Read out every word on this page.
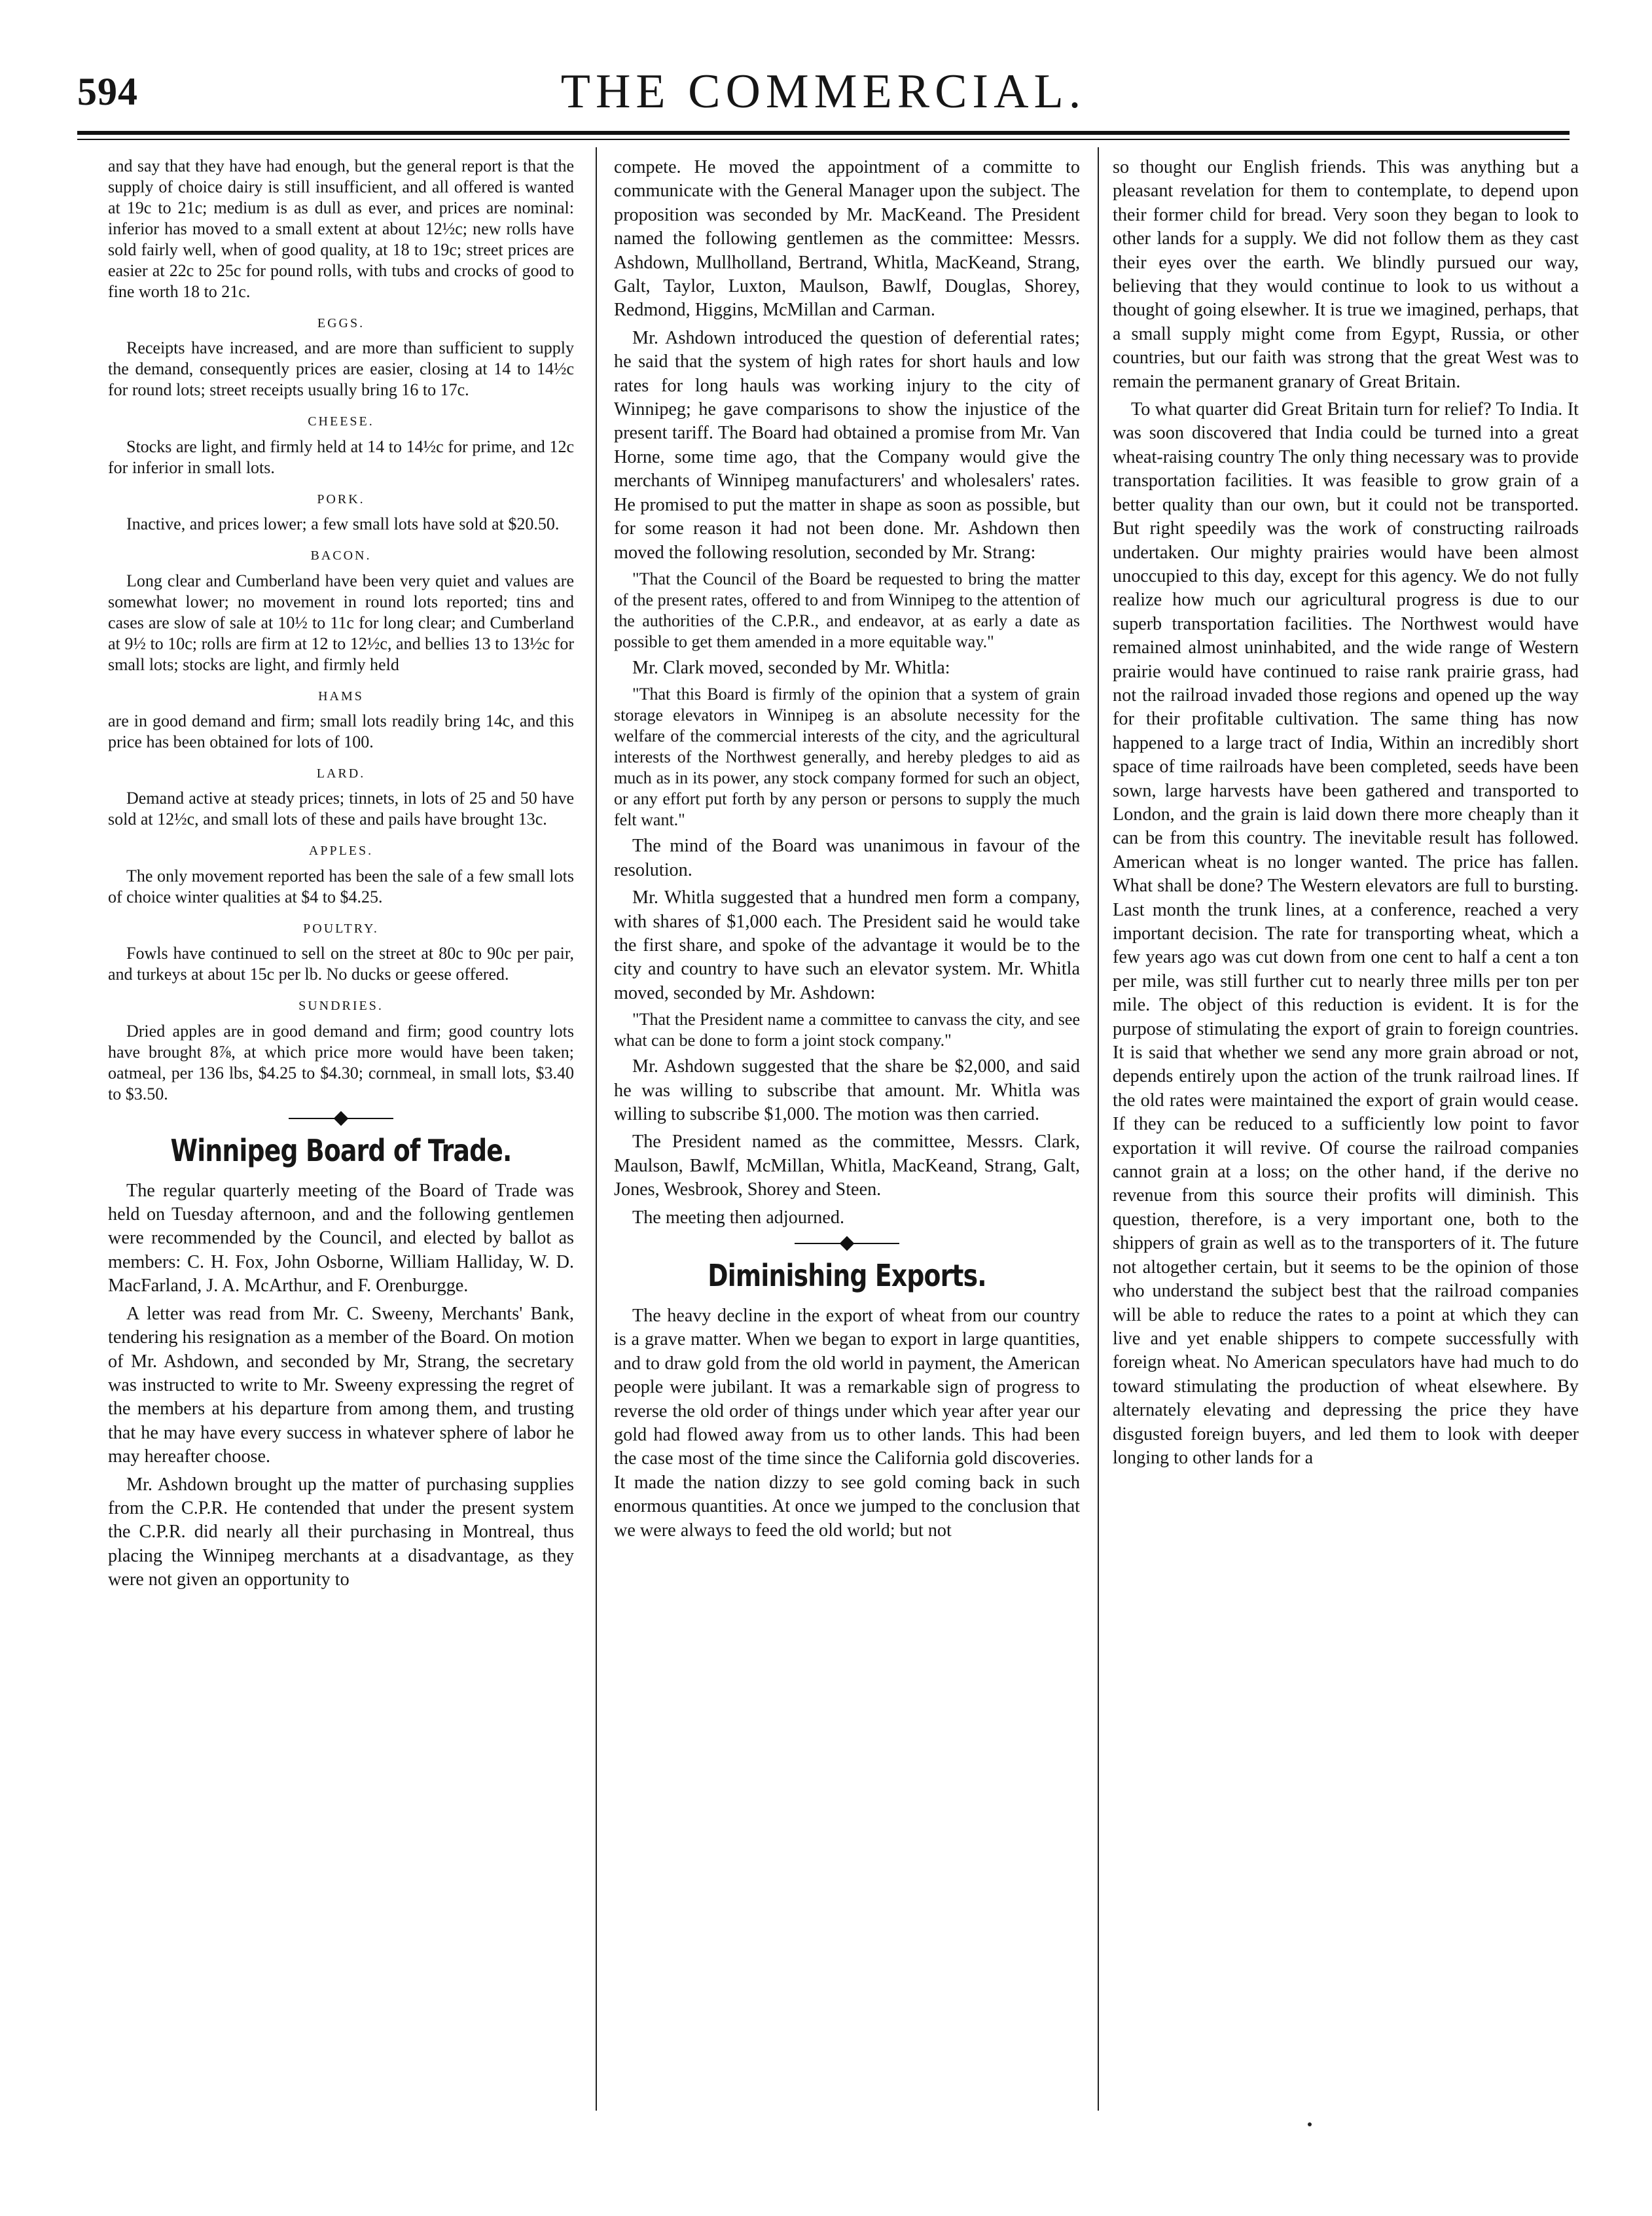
594	THE COMMERCIAL.

and say that they have had enough, but the general report is that the supply of choice dairy is still insufficient, and all offered is wanted at 19c to 21c; medium is as dull as ever, and prices are nominal: inferior has moved to a small extent at about 12½c; new rolls have sold fairly well, when of good quality, at 18 to 19c; street prices are easier at 22c to 25c for pound rolls, with tubs and crocks of good to fine worth 18 to 21c.

EGGS.

Receipts have increased, and are more than sufficient to supply the demand, consequently prices are easier, closing at 14 to 14½c for round lots; street receipts usually bring 16 to 17c.

CHEESE.

Stocks are light, and firmly held at 14 to 14½c for prime, and 12c for inferior in small lots.

PORK.

Inactive, and prices lower; a few small lots have sold at $20.50.

BACON.

Long clear and Cumberland have been very quiet and values are somewhat lower; no movement in round lots reported; tins and cases are slow of sale at 10½ to 11c for long clear; and Cumberland at 9½ to 10c; rolls are firm at 12 to 12½c, and bellies 13 to 13½c for small lots; stocks are light, and firmly held

HAMS

are in good demand and firm; small lots readily bring 14c, and this price has been obtained for lots of 100.

LARD.

Demand active at steady prices; tinnets, in lots of 25 and 50 have sold at 12½c, and small lots of these and pails have brought 13c.

APPLES.

The only movement reported has been the sale of a few small lots of choice winter qualities at $4 to $4.25.

POULTRY.

Fowls have continued to sell on the street at 80c to 90c per pair, and turkeys at about 15c per lb. No ducks or geese offered.

SUNDRIES.

Dried apples are in good demand and firm; good country lots have brought 8⅞, at which price more would have been taken; oatmeal, per 136 lbs, $4.25 to $4.30; cornmeal, in small lots, $3.40 to $3.50.

Winnipeg Board of Trade.

The regular quarterly meeting of the Board of Trade was held on Tuesday afternoon, and and the following gentlemen were recommended by the Council, and elected by ballot as members: C. H. Fox, John Osborne, William Halliday, W. D. MacFarland, J. A. McArthur, and F. Orenburgge.

A letter was read from Mr. C. Sweeny, Merchants' Bank, tendering his resignation as a member of the Board. On motion of Mr. Ashdown, and seconded by Mr, Strang, the secretary was instructed to write to Mr. Sweeny expressing the regret of the members at his departure from among them, and trusting that he may have every success in whatever sphere of labor he may hereafter choose.

Mr. Ashdown brought up the matter of purchasing supplies from the C.P.R. He contended that under the present system the C.P.R. did nearly all their purchasing in Montreal, thus placing the Winnipeg merchants at a disadvantage, as they were not given an opportunity to

compete. He moved the appointment of a committe to communicate with the General Manager upon the subject. The proposition was seconded by Mr. MacKeand. The President named the following gentlemen as the committee: Messrs. Ashdown, Mullholland, Bertrand, Whitla, MacKeand, Strang, Galt, Taylor, Luxton, Maulson, Bawlf, Douglas, Shorey, Redmond, Higgins, McMillan and Carman.

Mr. Ashdown introduced the question of deferential rates; he said that the system of high rates for short hauls and low rates for long hauls was working injury to the city of Winnipeg; he gave comparisons to show the injustice of the present tariff. The Board had obtained a promise from Mr. Van Horne, some time ago, that the Company would give the merchants of Winnipeg manufacturers' and wholesalers' rates. He promised to put the matter in shape as soon as possible, but for some reason it had not been done. Mr. Ashdown then moved the following resolution, seconded by Mr. Strang:

"That the Council of the Board be requested to bring the matter of the present rates, offered to and from Winnipeg to the attention of the authorities of the C.P.R., and endeavor, at as early a date as possible to get them amended in a more equitable way."

Mr. Clark moved, seconded by Mr. Whitla:

"That this Board is firmly of the opinion that a system of grain storage elevators in Winnipeg is an absolute necessity for the welfare of the commercial interests of the city, and the agricultural interests of the Northwest generally, and hereby pledges to aid as much as in its power, any stock company formed for such an object, or any effort put forth by any person or persons to supply the much felt want."

The mind of the Board was unanimous in favour of the resolution.

Mr. Whitla suggested that a hundred men form a company, with shares of $1,000 each. The President said he would take the first share, and spoke of the advantage it would be to the city and country to have such an elevator system. Mr. Whitla moved, seconded by Mr. Ashdown:

"That the President name a committee to canvass the city, and see what can be done to form a joint stock company."

Mr. Ashdown suggested that the share be $2,000, and said he was willing to subscribe that amount. Mr. Whitla was willing to subscribe $1,000. The motion was then carried.

The President named as the committee, Messrs. Clark, Maulson, Bawlf, McMillan, Whitla, MacKeand, Strang, Galt, Jones, Wesbrook, Shorey and Steen.

The meeting then adjourned.

Diminishing Exports.

The heavy decline in the export of wheat from our country is a grave matter. When we began to export in large quantities, and to draw gold from the old world in payment, the American people were jubilant. It was a remarkable sign of progress to reverse the old order of things under which year after year our gold had flowed away from us to other lands. This had been the case most of the time since the California gold discoveries. It made the nation dizzy to see gold coming back in such enormous quantities. At once we jumped to the conclusion that we were always to feed the old world; but not

so thought our English friends. This was anything but a pleasant revelation for them to contemplate, to depend upon their former child for bread. Very soon they began to look to other lands for a supply. We did not follow them as they cast their eyes over the earth. We blindly pursued our way, believing that they would continue to look to us without a thought of going elsewher. It is true we imagined, perhaps, that a small supply might come from Egypt, Russia, or other countries, but our faith was strong that the great West was to remain the permanent granary of Great Britain.

To what quarter did Great Britain turn for relief? To India. It was soon discovered that India could be turned into a great wheat-raising country The only thing necessary was to provide transportation facilities. It was feasible to grow grain of a better quality than our own, but it could not be transported. But right speedily was the work of constructing railroads undertaken. Our mighty prairies would have been almost unoccupied to this day, except for this agency. We do not fully realize how much our agricultural progress is due to our superb transportation facilities. The Northwest would have remained almost uninhabited, and the wide range of Western prairie would have continued to raise rank prairie grass, had not the railroad invaded those regions and opened up the way for their profitable cultivation. The same thing has now happened to a large tract of India, Within an incredibly short space of time railroads have been completed, seeds have been sown, large harvests have been gathered and transported to London, and the grain is laid down there more cheaply than it can be from this country. The inevitable result has followed. American wheat is no longer wanted. The price has fallen. What shall be done? The Western elevators are full to bursting. Last month the trunk lines, at a conference, reached a very important decision. The rate for transporting wheat, which a few years ago was cut down from one cent to half a cent a ton per mile, was still further cut to nearly three mills per ton per mile. The object of this reduction is evident. It is for the purpose of stimulating the export of grain to foreign countries. It is said that whether we send any more grain abroad or not, depends entirely upon the action of the trunk railroad lines. If the old rates were maintained the export of grain would cease. If they can be reduced to a sufficiently low point to favor exportation it will revive. Of course the railroad companies cannot grain at a loss; on the other hand, if the derive no revenue from this source their profits will diminish. This question, therefore, is a very important one, both to the shippers of grain as well as to the transporters of it. The future not altogether certain, but it seems to be the opinion of those who understand the subject best that the railroad companies will be able to reduce the rates to a point at which they can live and yet enable shippers to compete successfully with foreign wheat. No American speculators have had much to do toward stimulating the production of wheat elsewhere. By alternately elevating and depressing the price they have disgusted foreign buyers, and led them to look with deeper longing to other lands for a
